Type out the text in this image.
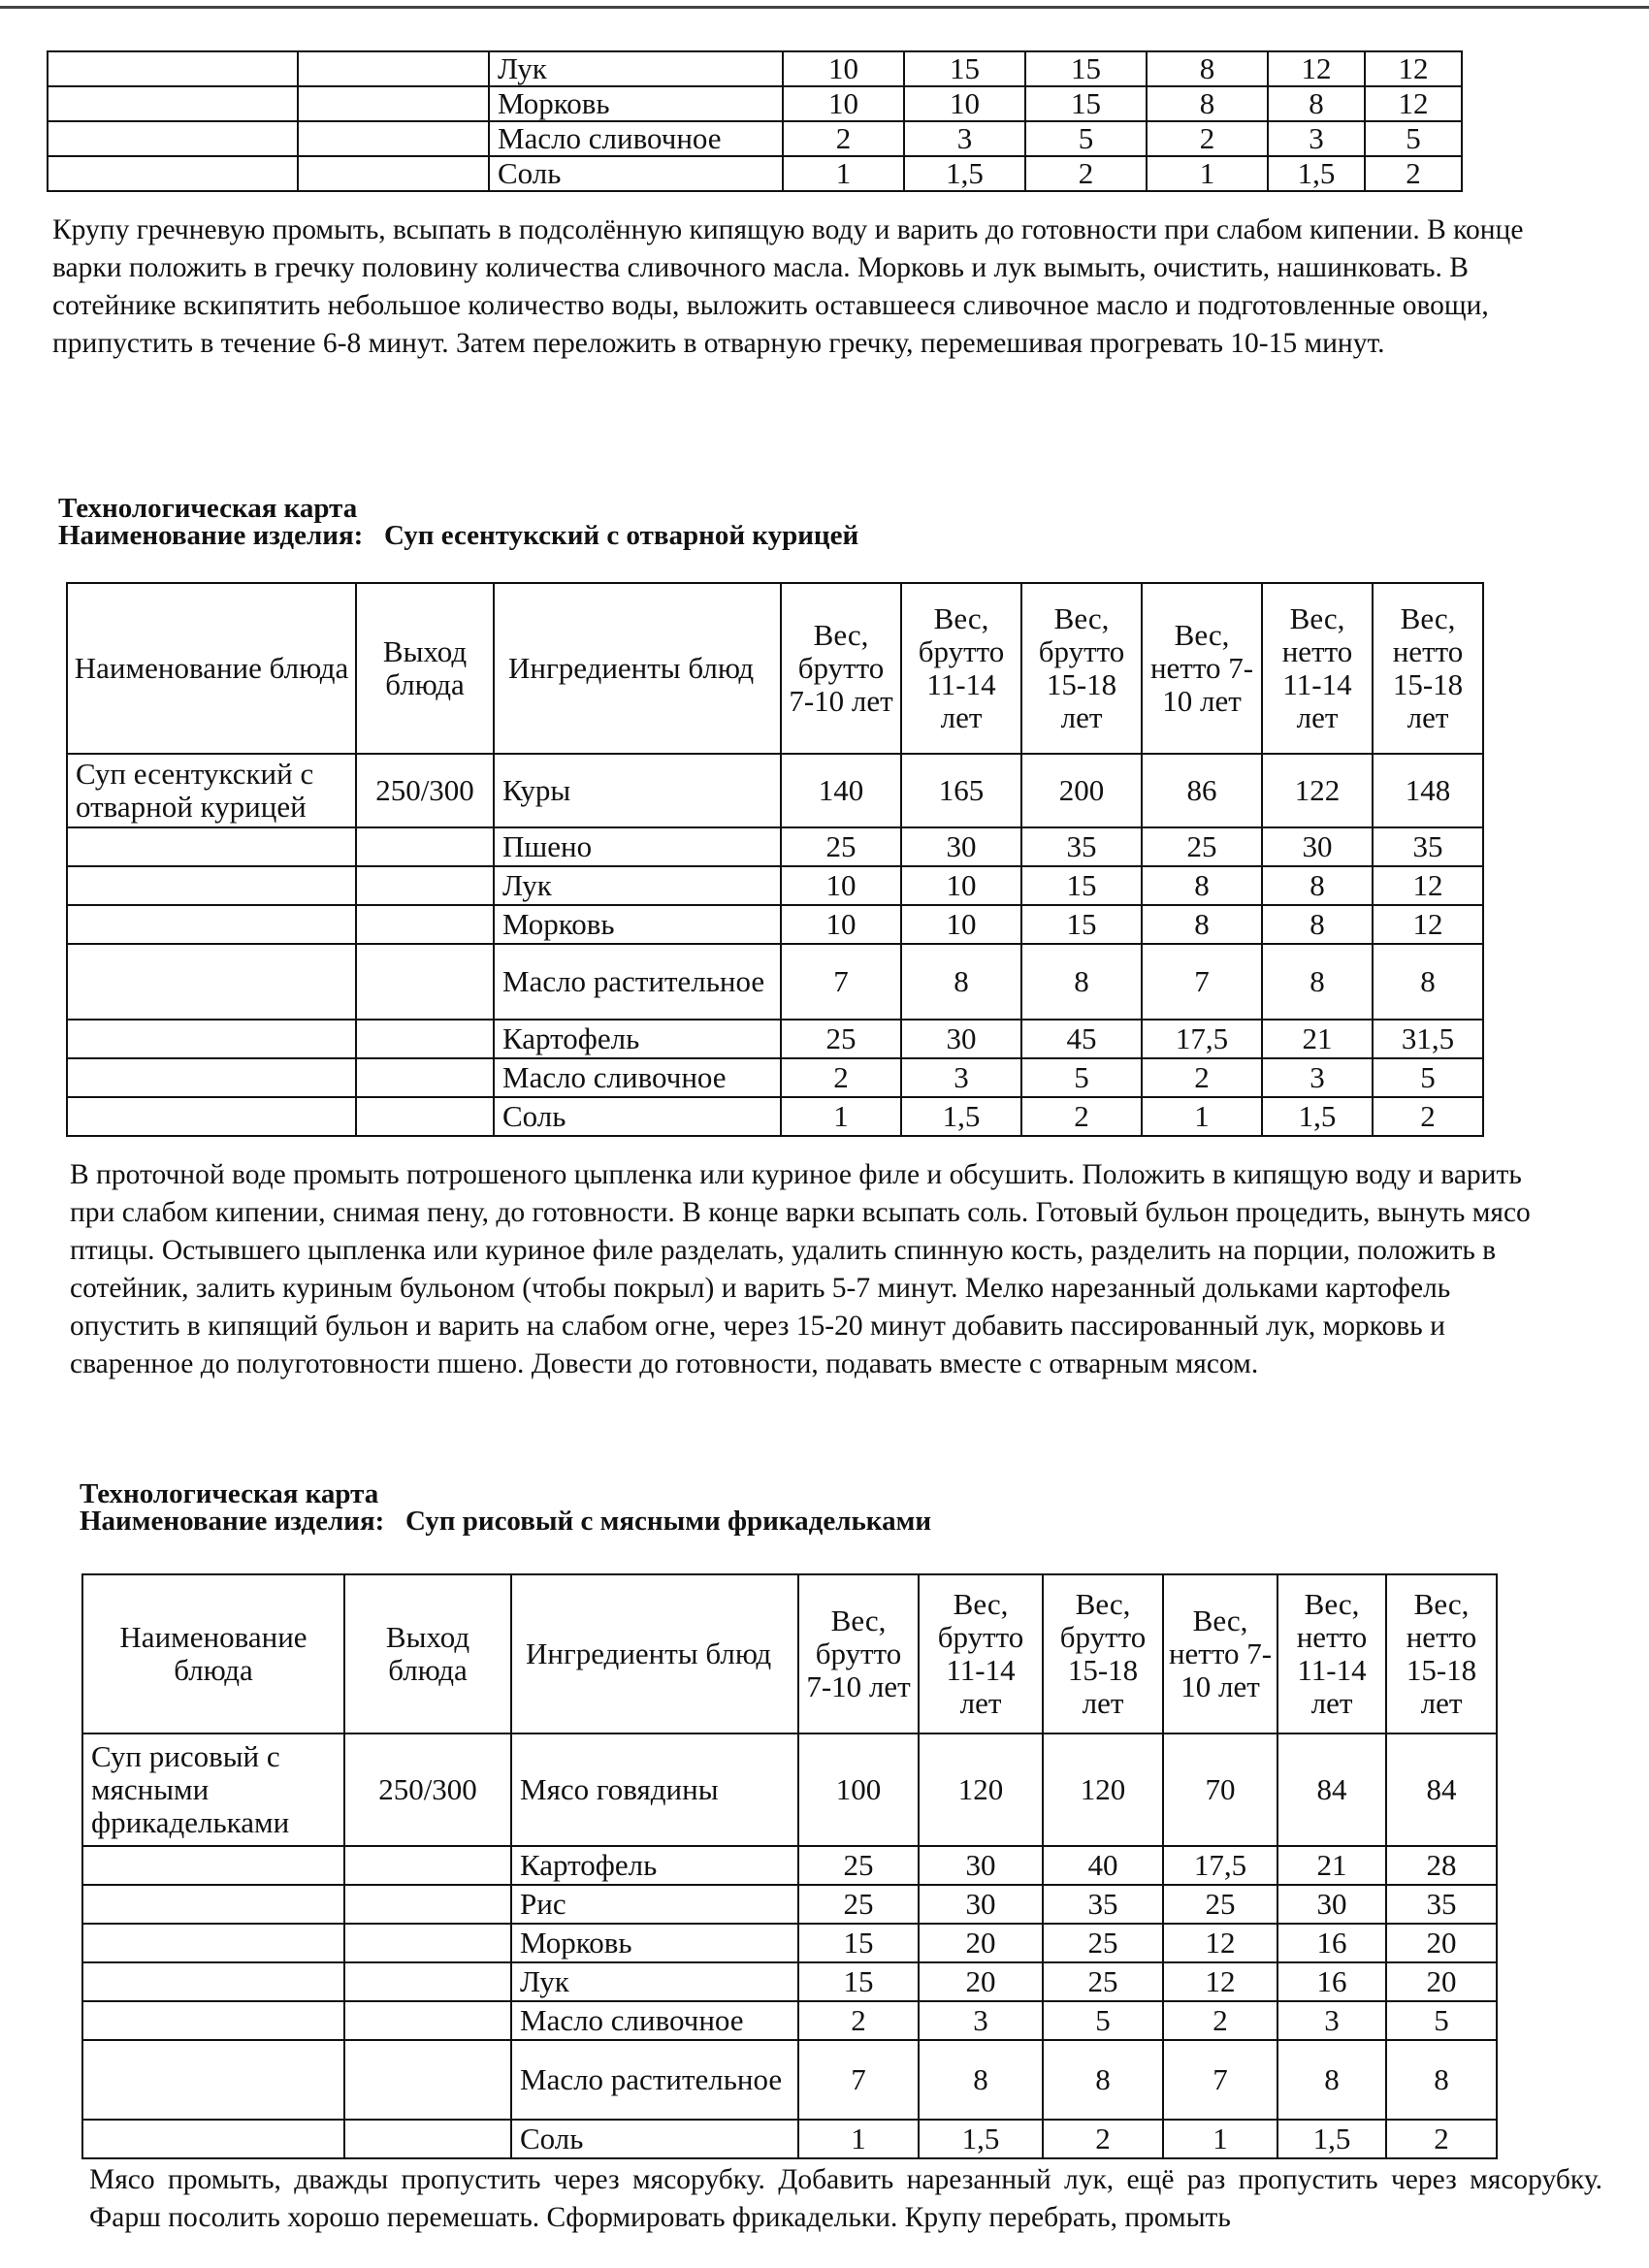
		Лук	10	15	15	8	12	12
		Морковь	10	10	15	8	8	12
		Масло сливочное	2	3	5	2	3	5
		Соль	1	1,5	2	1	1,5	2

Крупу гречневую промыть, всыпать в подсолённую кипящую воду и варить до готовности при слабом кипении. В конце варки положить в гречку половину количества сливочного масла. Морковь и лук вымыть, очистить, нашинковать. В сотейнике вскипятить небольшое количество воды, выложить оставшееся сливочное масло и подготовленные овощи, припустить в течение 6-8 минут. Затем переложить в отварную гречку, перемешивая прогревать 10-15 минут.

Технологическая карта
Наименование изделия: Суп есентукский с отварной курицей
Наименование блюда	Выход блюда	Ингредиенты блюд	Вес, брутто 7-10 лет	Вес, брутто 11-14 лет	Вес, брутто 15-18 лет	Вес, нетто 7-10 лет	Вес, нетто 11-14 лет	Вес, нетто 15-18 лет
Суп есентукский с отварной курицей	250/300	Куры	140	165	200	86	122	148
		Пшено	25	30	35	25	30	35
		Лук	10	10	15	8	8	12
		Морковь	10	10	15	8	8	12
		Масло растительное	7	8	8	7	8	8
		Картофель	25	30	45	17,5	21	31,5
		Масло сливочное	2	3	5	2	3	5
		Соль	1	1,5	2	1	1,5	2

В проточной воде промыть потрошеного цыпленка или куриное филе и обсушить. Положить в кипящую воду и варить при слабом кипении, снимая пену, до готовности. В конце варки всыпать соль. Готовый бульон процедить, вынуть мясо птицы. Остывшего цыпленка или куриное филе разделать, удалить спинную кость, разделить на порции, положить в сотейник, залить куриным бульоном (чтобы покрыл) и варить 5-7 минут. Мелко нарезанный дольками картофель опустить в кипящий бульон и варить на слабом огне, через 15-20 минут добавить пассированный лук, морковь и сваренное до полуготовности пшено. Довести до готовности, подавать вместе с отварным мясом.

Технологическая карта
Наименование изделия: Суп рисовый с мясными фрикадельками
Наименование блюда	Выход блюда	Ингредиенты блюд	Вес, брутто 7-10 лет	Вес, брутто 11-14 лет	Вес, брутто 15-18 лет	Вес, нетто 7-10 лет	Вес, нетто 11-14 лет	Вес, нетто 15-18 лет
Суп рисовый с мясными фрикадельками	250/300	Мясо говядины	100	120	120	70	84	84
		Картофель	25	30	40	17,5	21	28
		Рис	25	30	35	25	30	35
		Морковь	15	20	25	12	16	20
		Лук	15	20	25	12	16	20
		Масло сливочное	2	3	5	2	3	5
		Масло растительное	7	8	8	7	8	8
		Соль	1	1,5	2	1	1,5	2

Мясо промыть, дважды пропустить через мясорубку. Добавить нарезанный лук, ещё раз пропустить через мясорубку. Фарш посолить хорошо перемешать. Сформировать фрикадельки. Крупу перебрать, промыть
